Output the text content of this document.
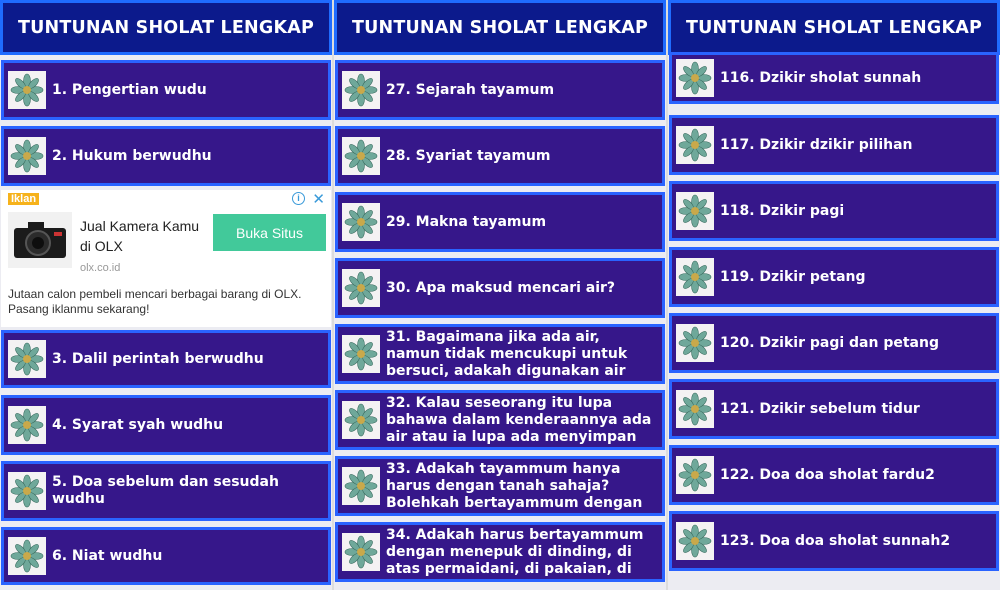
TUNTUNAN SHOLAT LENGKAP
1. Pengertian wudu
2. Hukum berwudhu
Iklan	i ✕
Jual Kamera Kamu di OLX
Buka Situs
olx.co.id
Jutaan calon pembeli mencari berbagai barang di OLX. Pasang iklanmu sekarang!
3. Dalil perintah berwudhu
4. Syarat syah wudhu
5. Doa sebelum dan sesudah wudhu
6. Niat wudhu
TUNTUNAN SHOLAT LENGKAP
27. Sejarah tayamum
28. Syariat tayamum
29. Makna tayamum
30. Apa maksud mencari air?
31. Bagaimana jika ada air, namun tidak mencukupi untuk bersuci, adakah digunakan air
32. Kalau seseorang itu lupa bahawa dalam kenderaannya ada air atau ia lupa ada menyimpan
33. Adakah tayammum hanya harus dengan tanah sahaja? Bolehkah bertayammum dengan
34. Adakah harus bertayammum dengan menepuk di dinding, di atas permaidani, di pakaian, di
TUNTUNAN SHOLAT LENGKAP
116. Dzikir sholat sunnah
117. Dzikir dzikir pilihan
118. Dzikir pagi
119. Dzikir petang
120. Dzikir pagi dan petang
121. Dzikir sebelum tidur
122. Doa doa sholat fardu2
123. Doa doa sholat sunnah2
